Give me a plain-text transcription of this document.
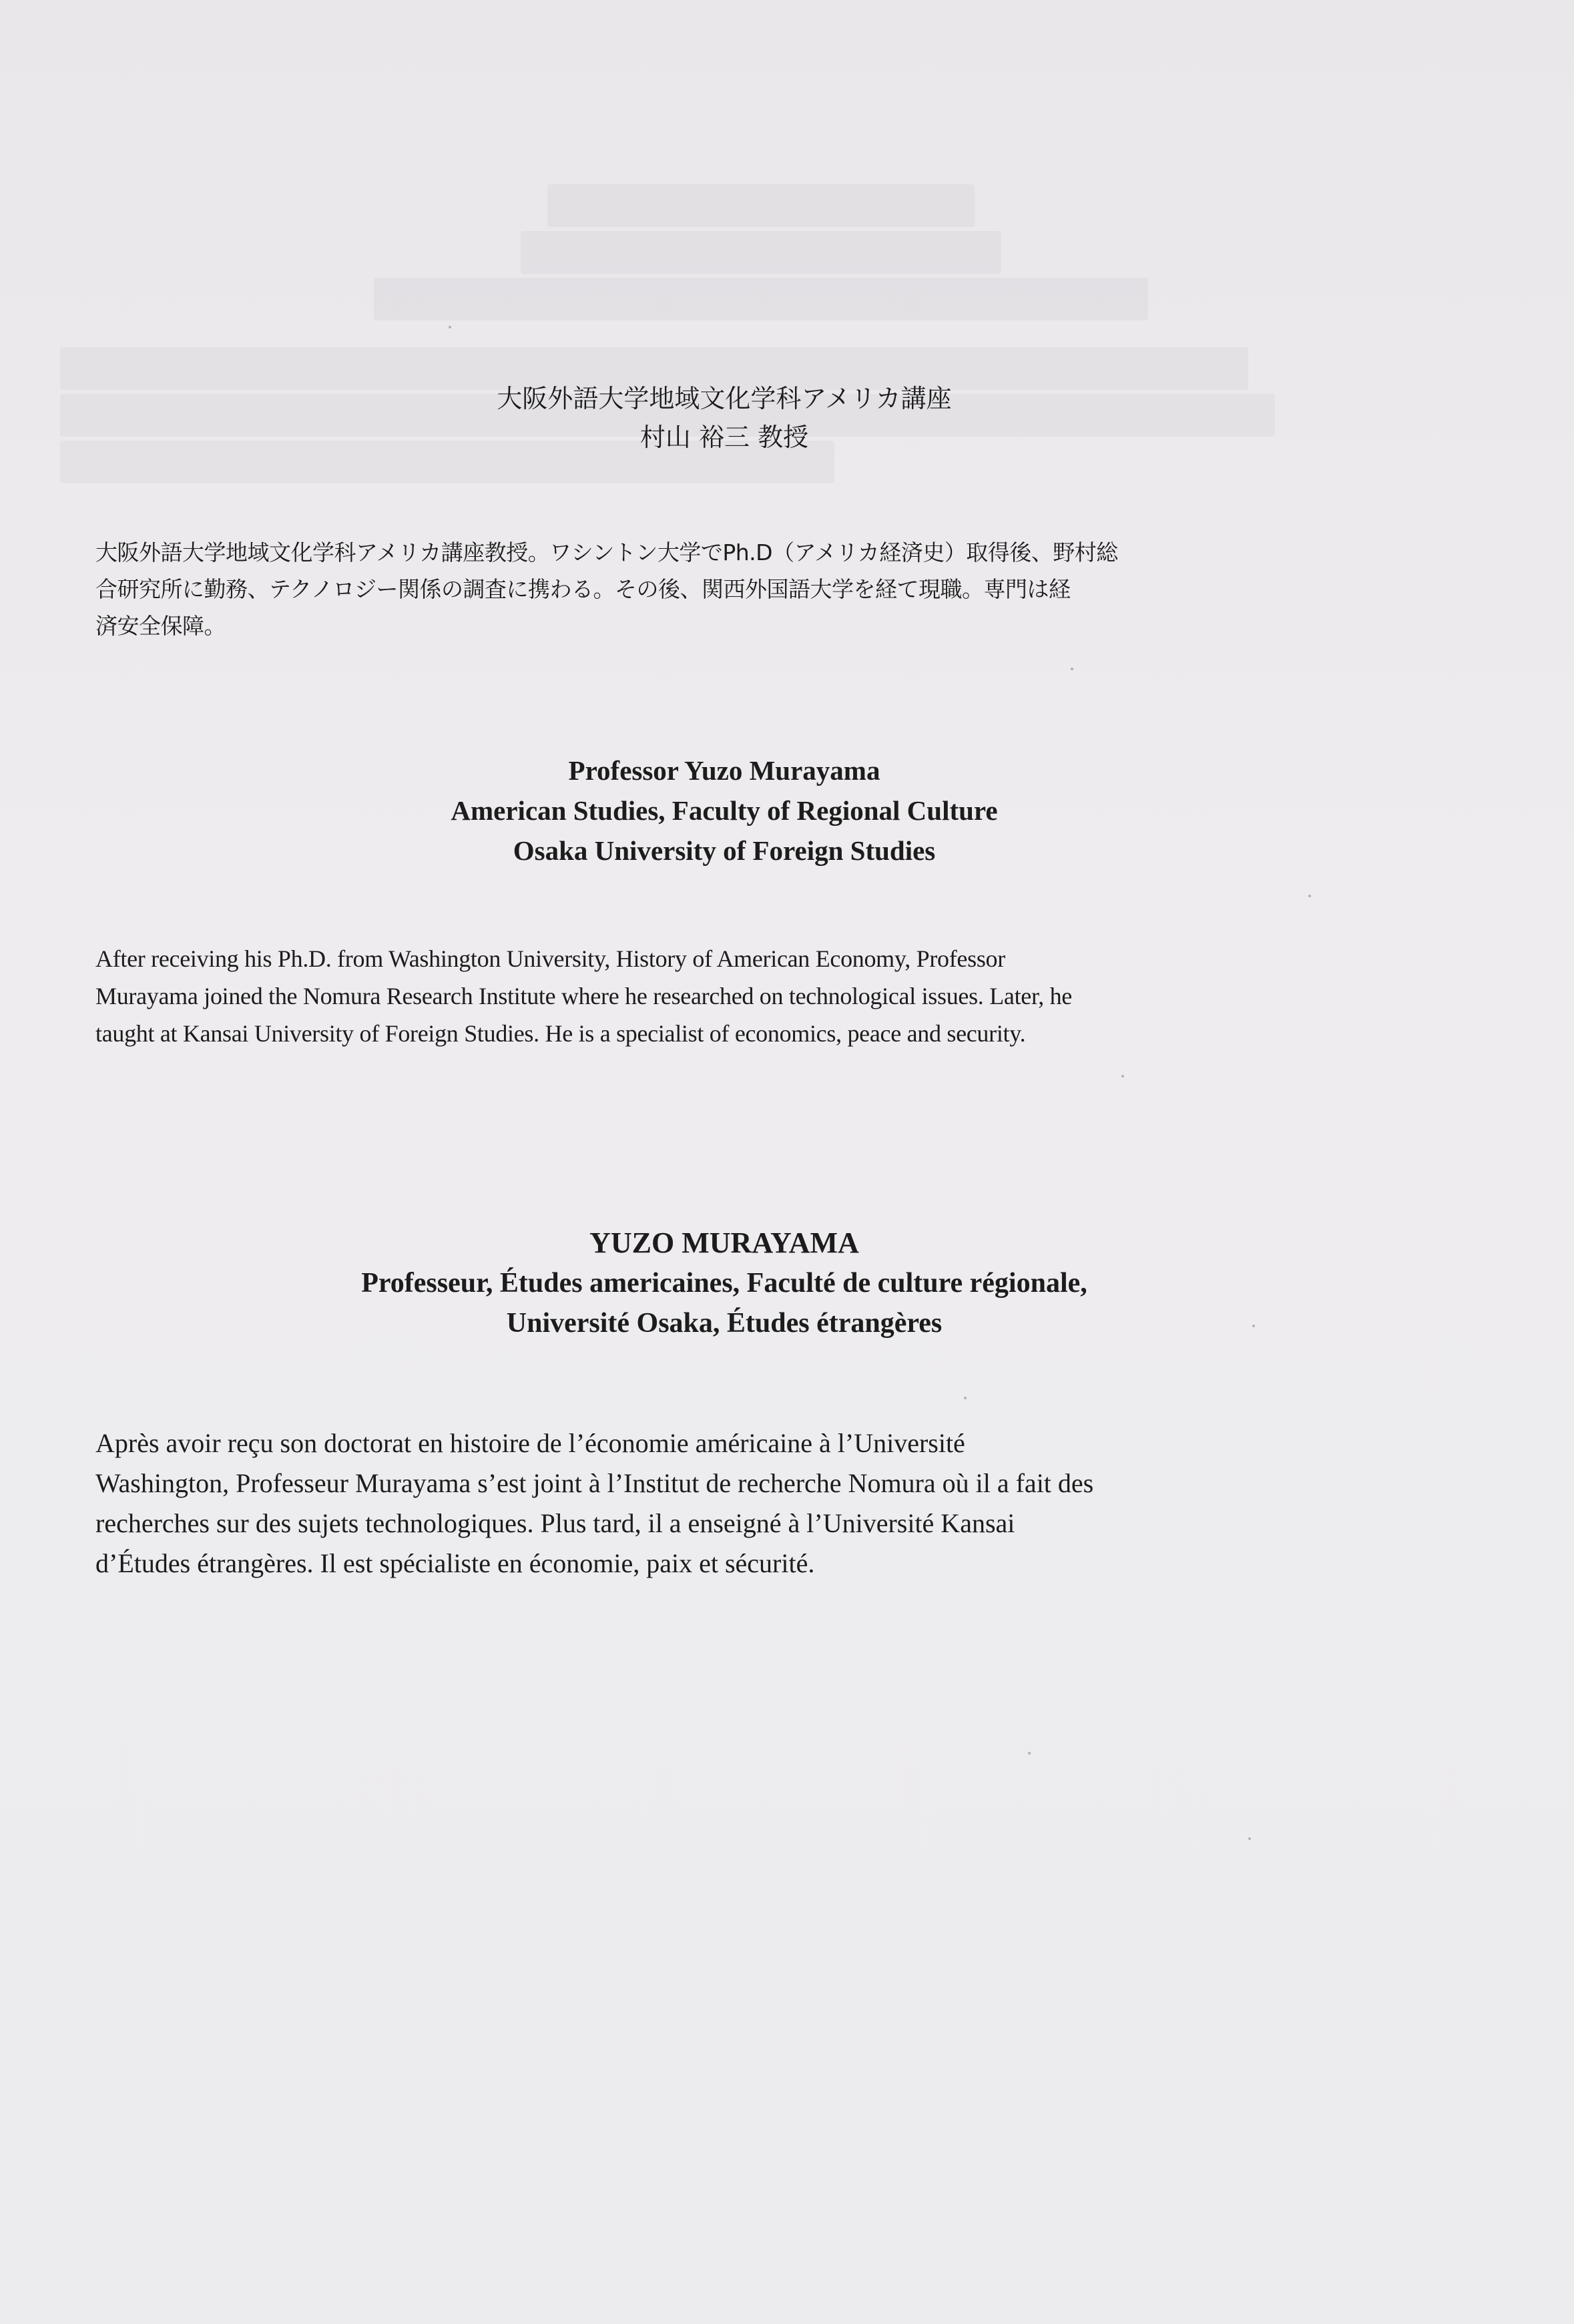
大阪外語大学地域文化学科アメリカ講座
村山 裕三 教授
大阪外語大学地域文化学科アメリカ講座教授。ワシントン大学でPh.D（アメリカ経済史）取得後、野村総
合研究所に勤務、テクノロジー関係の調査に携わる。その後、関西外国語大学を経て現職。専門は経
済安全保障。
Professor Yuzo Murayama
American Studies, Faculty of Regional Culture
Osaka University of Foreign Studies
After receiving his Ph.D. from Washington University, History of American Economy, Professor
Murayama joined the Nomura Research Institute where he researched on technological issues. Later, he
taught at Kansai University of Foreign Studies. He is a specialist of economics, peace and security.
YUZO MURAYAMA
Professeur, Études americaines, Faculté de culture régionale,
Université Osaka, Études étrangères
Après avoir reçu son doctorat en histoire de l’économie américaine à l’Université
Washington, Professeur Murayama s’est joint à l’Institut de recherche Nomura où il a fait des
recherches sur des sujets technologiques. Plus tard, il a enseigné à l’Université Kansai
d’Études étrangères. Il est spécialiste en économie, paix et sécurité.
